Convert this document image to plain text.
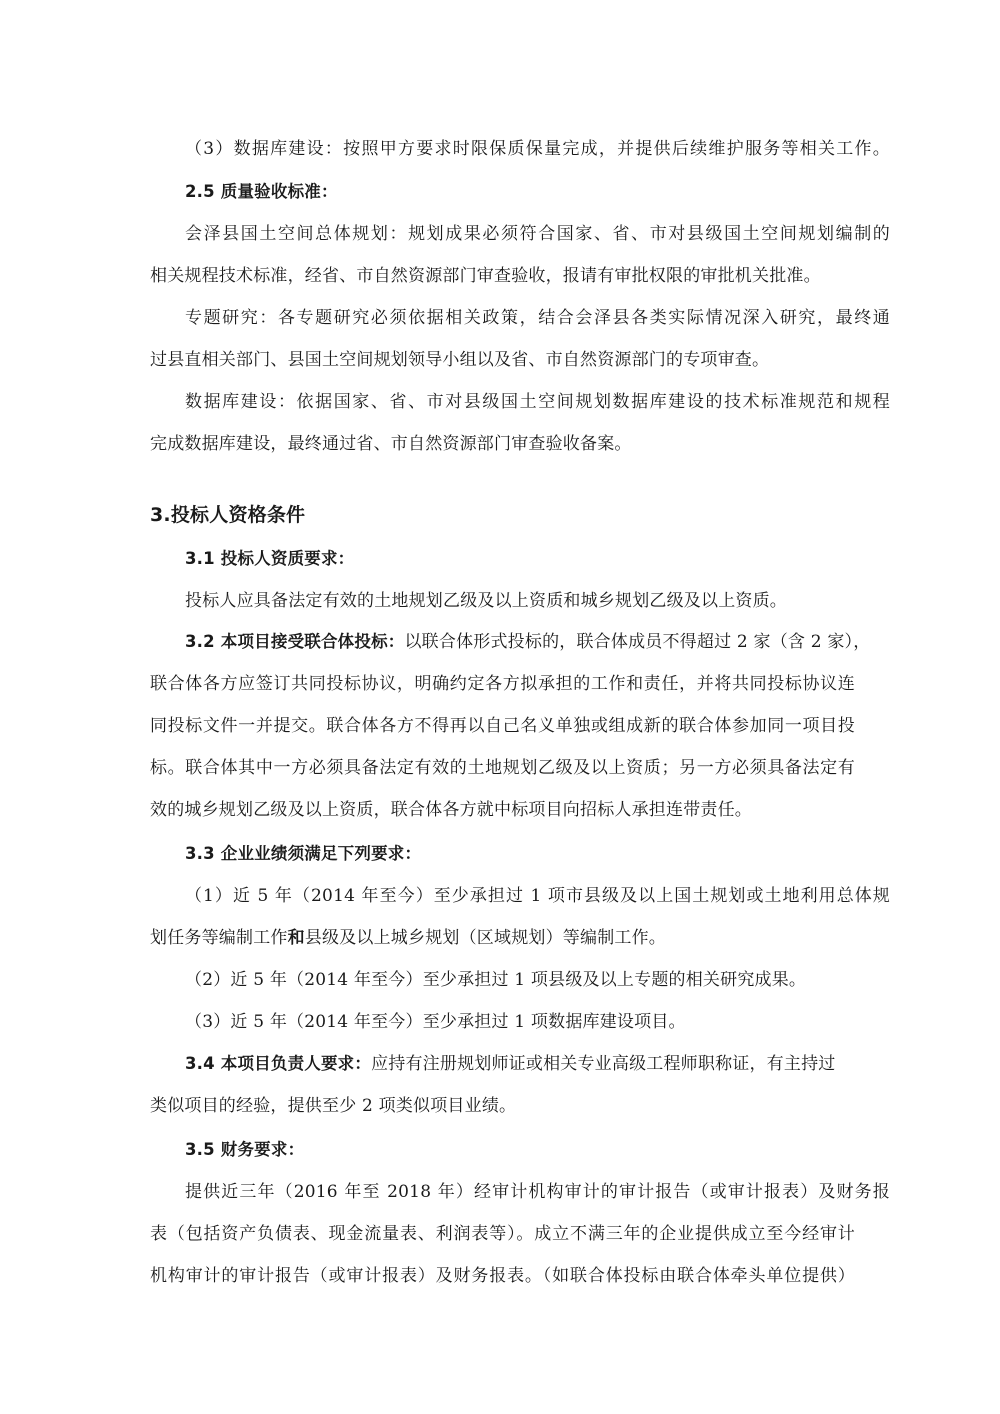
（3）数据库建设：按照甲方要求时限保质保量完成，并提供后续维护服务等相关工作。
2.5 质量验收标准：
会泽县国土空间总体规划：规划成果必须符合国家、省、市对县级国土空间规划编制的
相关规程技术标准，经省、市自然资源部门审查验收，报请有审批权限的审批机关批准。
专题研究：各专题研究必须依据相关政策，结合会泽县各类实际情况深入研究，最终通
过县直相关部门、县国土空间规划领导小组以及省、市自然资源部门的专项审查。
数据库建设：依据国家、省、市对县级国土空间规划数据库建设的技术标准规范和规程
完成数据库建设，最终通过省、市自然资源部门审查验收备案。
3.投标人资格条件
3.1 投标人资质要求：
投标人应具备法定有效的土地规划乙级及以上资质和城乡规划乙级及以上资质。
3.2 本项目接受联合体投标：以联合体形式投标的，联合体成员不得超过 2 家（含 2 家），
联合体各方应签订共同投标协议，明确约定各方拟承担的工作和责任，并将共同投标协议连
同投标文件一并提交。联合体各方不得再以自己名义单独或组成新的联合体参加同一项目投
标。联合体其中一方必须具备法定有效的土地规划乙级及以上资质；另一方必须具备法定有
效的城乡规划乙级及以上资质，联合体各方就中标项目向招标人承担连带责任。
3.3 企业业绩须满足下列要求：
（1）近 5 年（2014 年至今）至少承担过 1 项市县级及以上国土规划或土地利用总体规
划任务等编制工作和县级及以上城乡规划（区域规划）等编制工作。
（2）近 5 年（2014 年至今）至少承担过 1 项县级及以上专题的相关研究成果。
（3）近 5 年（2014 年至今）至少承担过 1 项数据库建设项目。
3.4 本项目负责人要求：应持有注册规划师证或相关专业高级工程师职称证，有主持过
类似项目的经验，提供至少 2 项类似项目业绩。
3.5 财务要求：
提供近三年（2016 年至 2018 年）经审计机构审计的审计报告（或审计报表）及财务报
表（包括资产负债表、现金流量表、利润表等）。成立不满三年的企业提供成立至今经审计
机构审计的审计报告（或审计报表）及财务报表。（如联合体投标由联合体牵头单位提供）
